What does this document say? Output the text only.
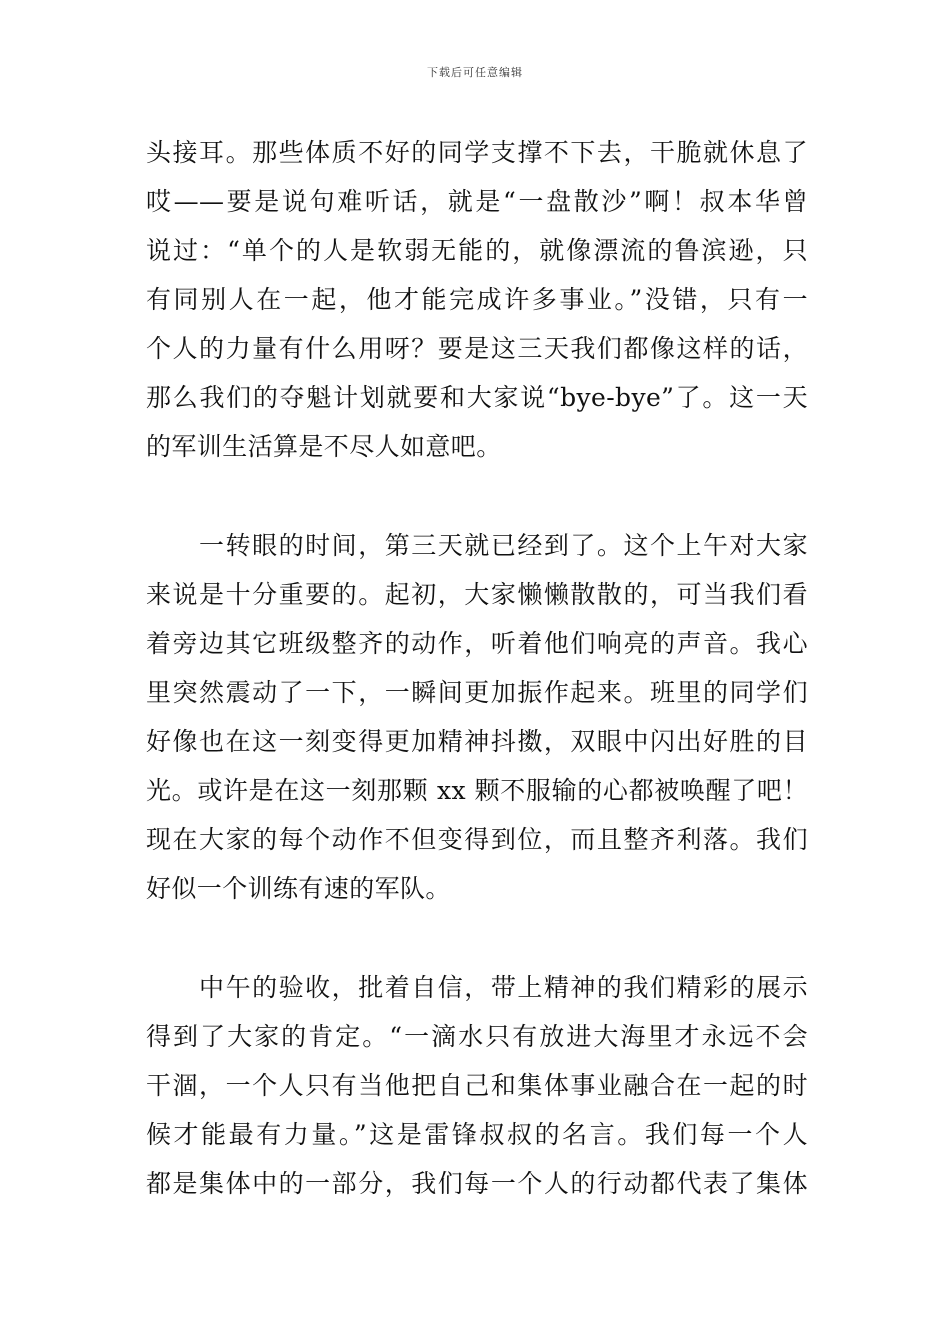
下载后可任意编辑
头接耳。那些体质不好的同学支撑不下去，干脆就休息了
哎——要是说句难听话，就是“一盘散沙”啊！叔本华曾
说过：“单个的人是软弱无能的，就像漂流的鲁滨逊，只
有同别人在一起，他才能完成许多事业。”没错，只有一
个人的力量有什么用呀？要是这三天我们都像这样的话，
那么我们的夺魁计划就要和大家说“bye-bye”了。这一天
的军训生活算是不尽人如意吧。
　　一转眼的时间，第三天就已经到了。这个上午对大家
来说是十分重要的。起初，大家懒懒散散的，可当我们看
着旁边其它班级整齐的动作，听着他们响亮的声音。我心
里突然震动了一下，一瞬间更加振作起来。班里的同学们
好像也在这一刻变得更加精神抖擞，双眼中闪出好胜的目
光。或许是在这一刻那颗 xx 颗不服输的心都被唤醒了吧！
现在大家的每个动作不但变得到位，而且整齐利落。我们
好似一个训练有速的军队。
　　中午的验收，批着自信，带上精神的我们精彩的展示
得到了大家的肯定。“一滴水只有放进大海里才永远不会
干涸，一个人只有当他把自己和集体事业融合在一起的时
候才能最有力量。”这是雷锋叔叔的名言。我们每一个人
都是集体中的一部分，我们每一个人的行动都代表了集体
